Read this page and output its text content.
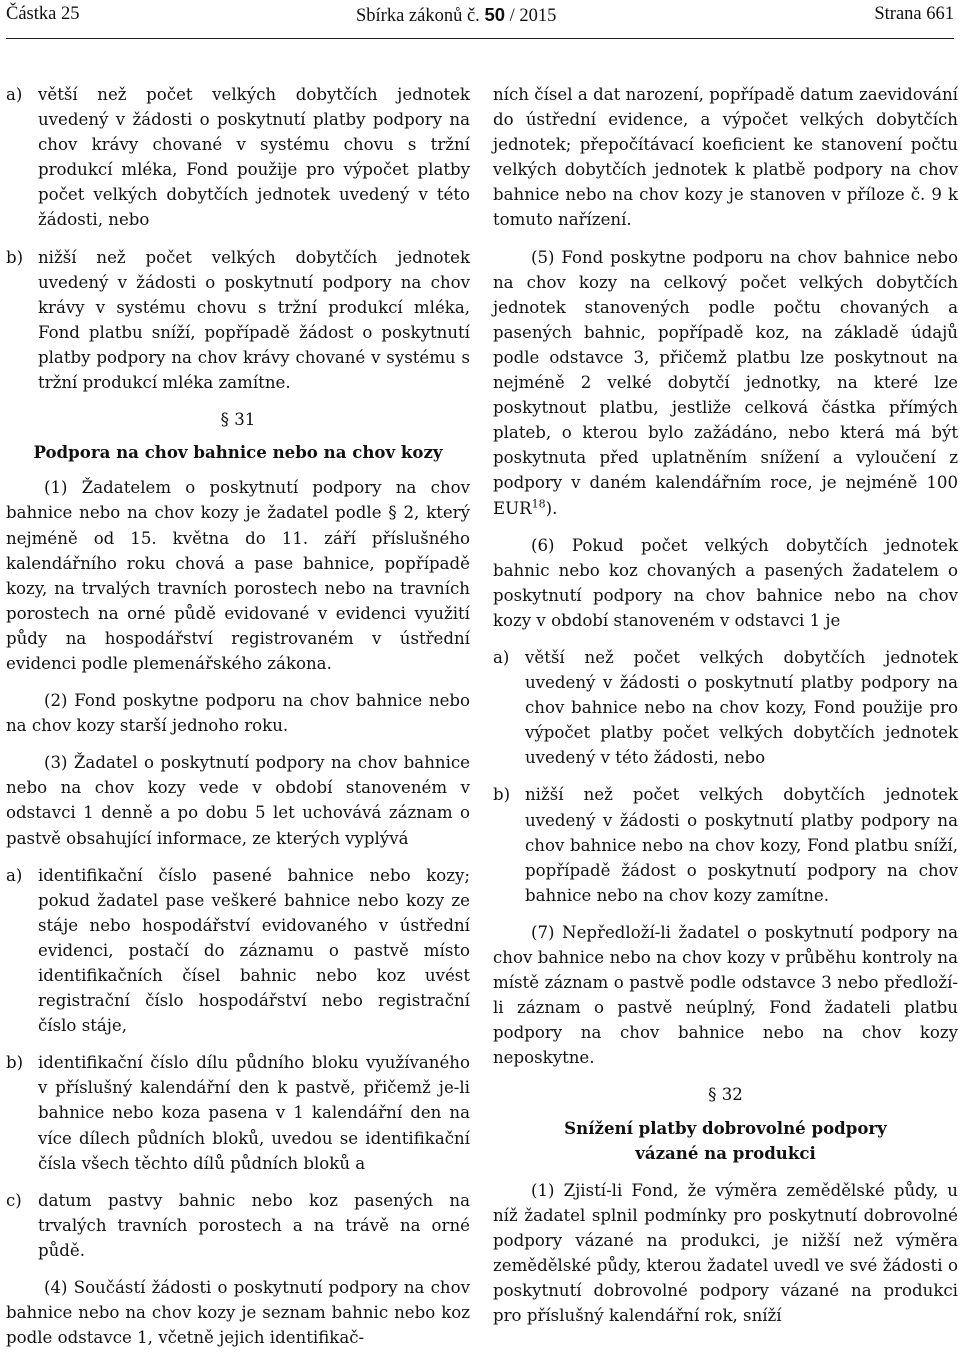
Částka 25	Sbírka zákonů č. 50 / 2015	Strana 661
a) větší než počet velkých dobytčích jednotek uvedený v žádosti o poskytnutí platby podpory na chov krávy chované v systému chovu s tržní produkcí mléka, Fond použije pro výpočet platby počet velkých dobytčích jednotek uvedený v této žádosti, nebo
b) nižší než počet velkých dobytčích jednotek uvedený v žádosti o poskytnutí podpory na chov krávy v systému chovu s tržní produkcí mléka, Fond platbu sníží, popřípadě žádost o poskytnutí platby podpory na chov krávy chované v systému s tržní produkcí mléka zamítne.
§ 31
Podpora na chov bahnice nebo na chov kozy

(1) Žadatelem o poskytnutí podpory na chov bahnice nebo na chov kozy je žadatel podle § 2, který nejméně od 15. května do 11. září příslušného kalendářního roku chová a pase bahnice, popřípadě kozy, na trvalých travních porostech nebo na travních porostech na orné půdě evidované v evidenci využití půdy na hospodářství registrovaném v ústřední evidenci podle plemenářského zákona.

(2) Fond poskytne podporu na chov bahnice nebo na chov kozy starší jednoho roku.

(3) Žadatel o poskytnutí podpory na chov bahnice nebo na chov kozy vede v období stanoveném v odstavci 1 denně a po dobu 5 let uchovává záznam o pastvě obsahující informace, ze kterých vyplývá

a) identifikační číslo pasené bahnice nebo kozy; pokud žadatel pase veškeré bahnice nebo kozy ze stáje nebo hospodářství evidovaného v ústřední evidenci, postačí do záznamu o pastvě místo identifikačních čísel bahnic nebo koz uvést registrační číslo hospodářství nebo registrační číslo stáje,
b) identifikační číslo dílu půdního bloku využívaného v příslušný kalendářní den k pastvě, přičemž je-li bahnice nebo koza pasena v 1 kalendářní den na více dílech půdních bloků, uvedou se identifikační čísla všech těchto dílů půdních bloků a
c) datum pastvy bahnic nebo koz pasených na trvalých travních porostech a na trávě na orné půdě.

(4) Součástí žádosti o poskytnutí podpory na chov bahnice nebo na chov kozy je seznam bahnic nebo koz podle odstavce 1, včetně jejich identifikač-

ních čísel a dat narození, popřípadě datum zaevidování do ústřední evidence, a výpočet velkých dobytčích jednotek; přepočítávací koeficient ke stanovení počtu velkých dobytčích jednotek k platbě podpory na chov bahnice nebo na chov kozy je stanoven v příloze č. 9 k tomuto nařízení.

(5) Fond poskytne podporu na chov bahnice nebo na chov kozy na celkový počet velkých dobytčích jednotek stanovených podle počtu chovaných a pasených bahnic, popřípadě koz, na základě údajů podle odstavce 3, přičemž platbu lze poskytnout na nejméně 2 velké dobytčí jednotky, na které lze poskytnout platbu, jestliže celková částka přímých plateb, o kterou bylo zažádáno, nebo která má být poskytnuta před uplatněním snížení a vyloučení z podpory v daném kalendářním roce, je nejméně 100 EUR$^{18}$).

(6) Pokud počet velkých dobytčích jednotek bahnic nebo koz chovaných a pasených žadatelem o poskytnutí podpory na chov bahnice nebo na chov kozy v období stanoveném v odstavci 1 je

a) větší než počet velkých dobytčích jednotek uvedený v žádosti o poskytnutí platby podpory na chov bahnice nebo na chov kozy, Fond použije pro výpočet platby počet velkých dobytčích jednotek uvedený v této žádosti, nebo
b) nižší než počet velkých dobytčích jednotek uvedený v žádosti o poskytnutí platby podpory na chov bahnice nebo na chov kozy, Fond platbu sníží, popřípadě žádost o poskytnutí podpory na chov bahnice nebo na chov kozy zamítne.

(7) Nepředloží-li žadatel o poskytnutí podpory na chov bahnice nebo na chov kozy v průběhu kontroly na místě záznam o pastvě podle odstavce 3 nebo předloží-li záznam o pastvě neúplný, Fond žadateli platbu podpory na chov bahnice nebo na chov kozy neposkytne.

§ 32
Snížení platby dobrovolné podpory
vázané na produkci

(1) Zjistí-li Fond, že výměra zemědělské půdy, u níž žadatel splnil podmínky pro poskytnutí dobrovolné podpory vázané na produkci, je nižší než výměra zemědělské půdy, kterou žadatel uvedl ve své žádosti o poskytnutí dobrovolné podpory vázané na produkci pro příslušný kalendářní rok, sníží
